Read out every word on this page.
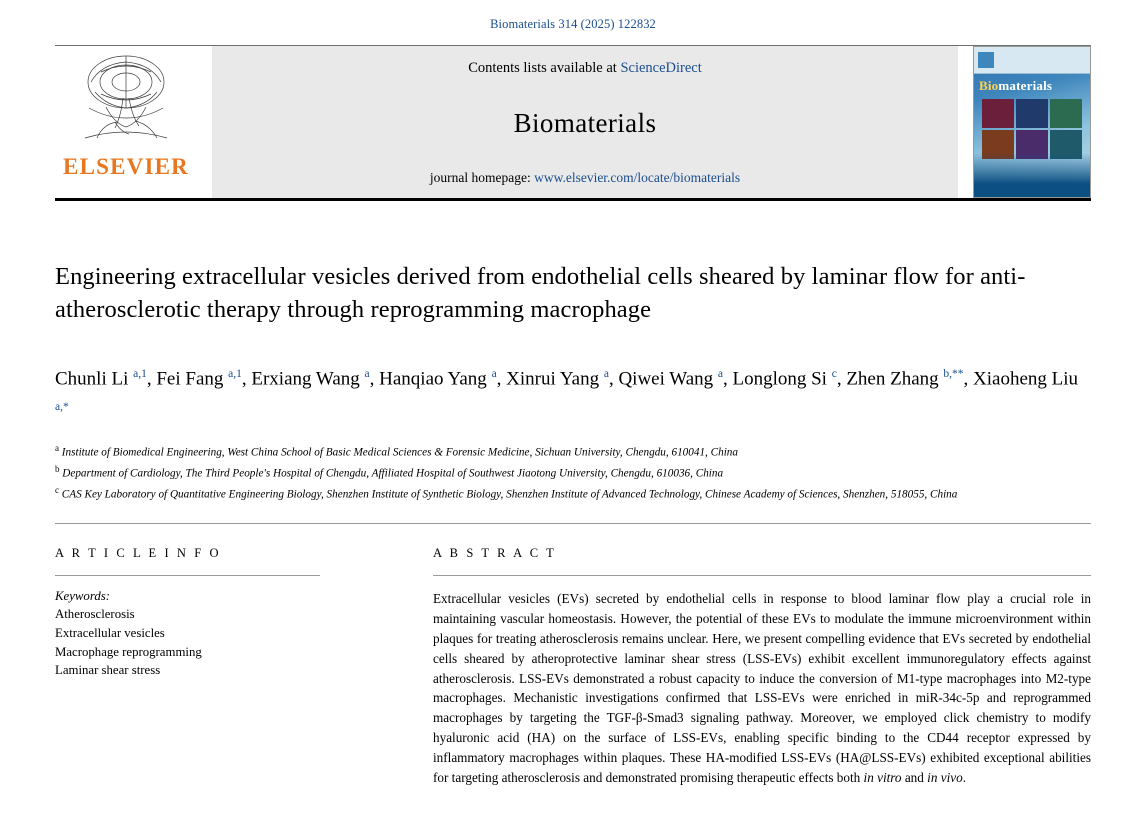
Biomaterials 314 (2025) 122832
ELSEVIER
Contents lists available at ScienceDirect
Biomaterials
journal homepage: www.elsevier.com/locate/biomaterials
Biomaterials
Engineering extracellular vesicles derived from endothelial cells sheared by laminar flow for anti-atherosclerotic therapy through reprogramming macrophage
Chunli Li $^{a,1}$, Fei Fang $^{a,1}$, Erxiang Wang $^a$, Hanqiao Yang $^a$, Xinrui Yang $^a$, Qiwei Wang $^a$, Longlong Si $^c$, Zhen Zhang $^{b,**}$, Xiaoheng Liu $^{a,*}$
$^a$ Institute of Biomedical Engineering, West China School of Basic Medical Sciences & Forensic Medicine, Sichuan University, Chengdu, 610041, China
$^b$ Department of Cardiology, The Third People's Hospital of Chengdu, Affiliated Hospital of Southwest Jiaotong University, Chengdu, 610036, China
$^c$ CAS Key Laboratory of Quantitative Engineering Biology, Shenzhen Institute of Synthetic Biology, Shenzhen Institute of Advanced Technology, Chinese Academy of Sciences, Shenzhen, 518055, China
A R T I C L E I N F O
Keywords:
Atherosclerosis
Extracellular vesicles
Macrophage reprogramming
Laminar shear stress
A B S T R A C T
Extracellular vesicles (EVs) secreted by endothelial cells in response to blood laminar flow play a crucial role in maintaining vascular homeostasis. However, the potential of these EVs to modulate the immune microenvironment within plaques for treating atherosclerosis remains unclear. Here, we present compelling evidence that EVs secreted by endothelial cells sheared by atheroprotective laminar shear stress (LSS-EVs) exhibit excellent immunoregulatory effects against atherosclerosis. LSS-EVs demonstrated a robust capacity to induce the conversion of M1-type macrophages into M2-type macrophages. Mechanistic investigations confirmed that LSS-EVs were enriched in miR-34c-5p and reprogrammed macrophages by targeting the TGF-β-Smad3 signaling pathway. Moreover, we employed click chemistry to modify hyaluronic acid (HA) on the surface of LSS-EVs, enabling specific binding to the CD44 receptor expressed by inflammatory macrophages within plaques. These HA-modified LSS-EVs (HA@LSS-EVs) exhibited exceptional abilities for targeting atherosclerosis and demonstrated promising therapeutic effects both in vitro and in vivo.
